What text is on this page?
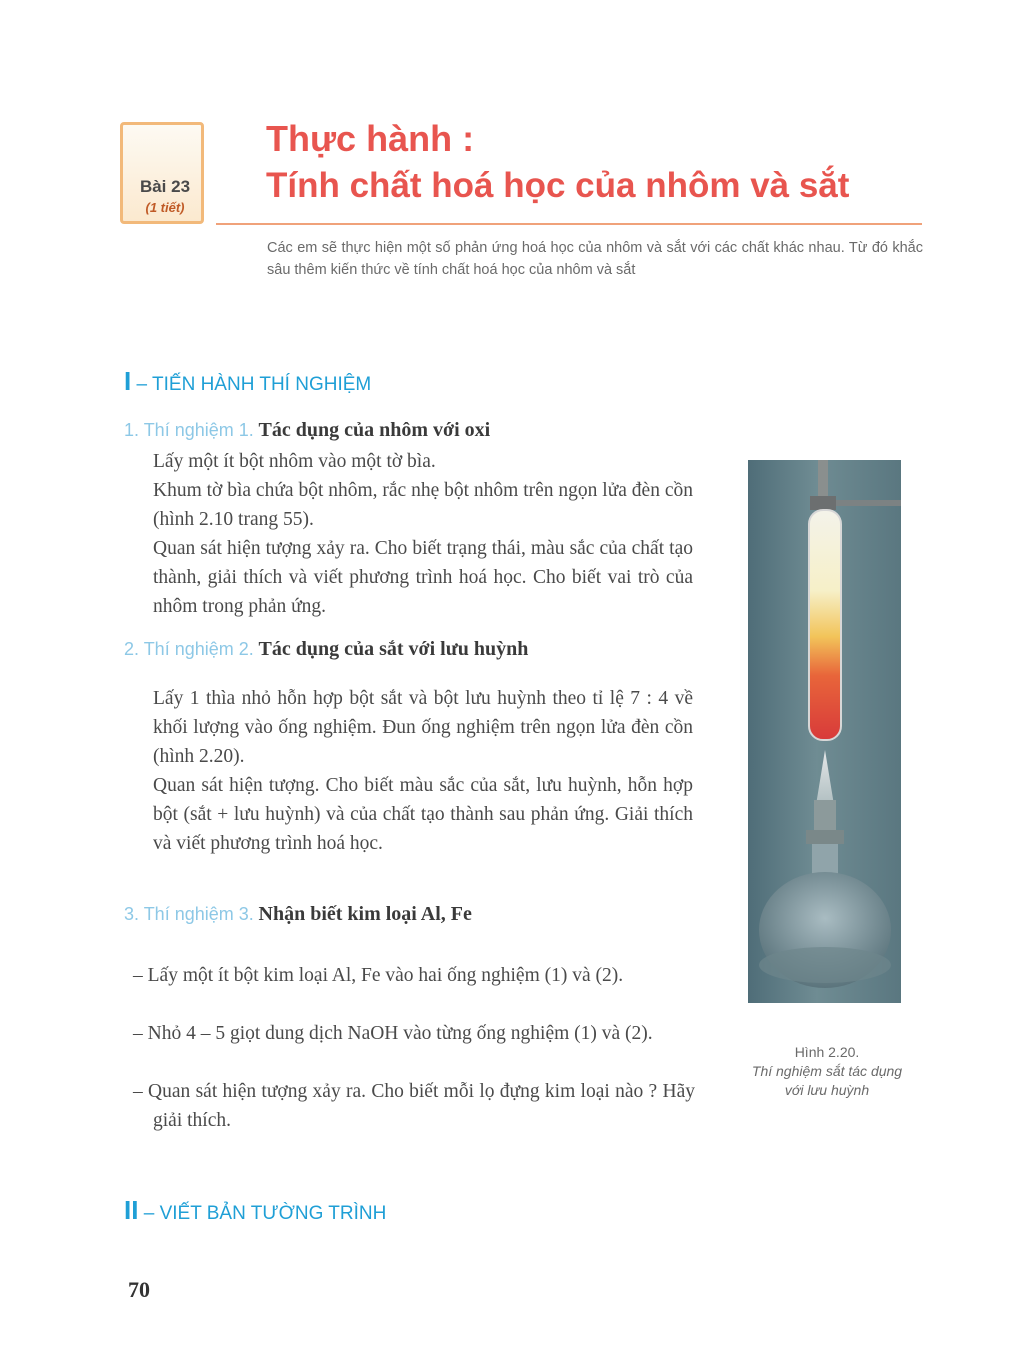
Bài 23
(1 tiết)
Thực hành :
Tính chất hoá học của nhôm và sắt
Các em sẽ thực hiện một số phản ứng hoá học của nhôm và sắt với các chất khác nhau. Từ đó khắc sâu thêm kiến thức về tính chất hoá học của nhôm và sắt
I – TIẾN HÀNH THÍ NGHIỆM
1. Thí nghiệm 1. Tác dụng của nhôm với oxi
Lấy một ít bột nhôm vào một tờ bìa.
Khum tờ bìa chứa bột nhôm, rắc nhẹ bột nhôm trên ngọn lửa đèn cồn (hình 2.10 trang 55).
Quan sát hiện tượng xảy ra. Cho biết trạng thái, màu sắc của chất tạo thành, giải thích và viết phương trình hoá học. Cho biết vai trò của nhôm trong phản ứng.
2. Thí nghiệm 2. Tác dụng của sắt với lưu huỳnh
Lấy 1 thìa nhỏ hỗn hợp bột sắt và bột lưu huỳnh theo tỉ lệ 7 : 4 về khối lượng vào ống nghiệm. Đun ống nghiệm trên ngọn lửa đèn cồn (hình 2.20).
Quan sát hiện tượng. Cho biết màu sắc của sắt, lưu huỳnh, hỗn hợp bột (sắt + lưu huỳnh) và của chất tạo thành sau phản ứng. Giải thích và viết phương trình hoá học.
3. Thí nghiệm 3. Nhận biết kim loại Al, Fe
– Lấy một ít bột kim loại Al, Fe vào hai ống nghiệm (1) và (2).
– Nhỏ 4 – 5 giọt dung dịch NaOH vào từng ống nghiệm (1) và (2).
– Quan sát hiện tượng xảy ra. Cho biết mỗi lọ đựng kim loại nào ? Hãy giải thích.
Hình 2.20.
Thí nghiệm sắt tác dụng
với lưu huỳnh
II – VIẾT BẢN TƯỜNG TRÌNH
70
